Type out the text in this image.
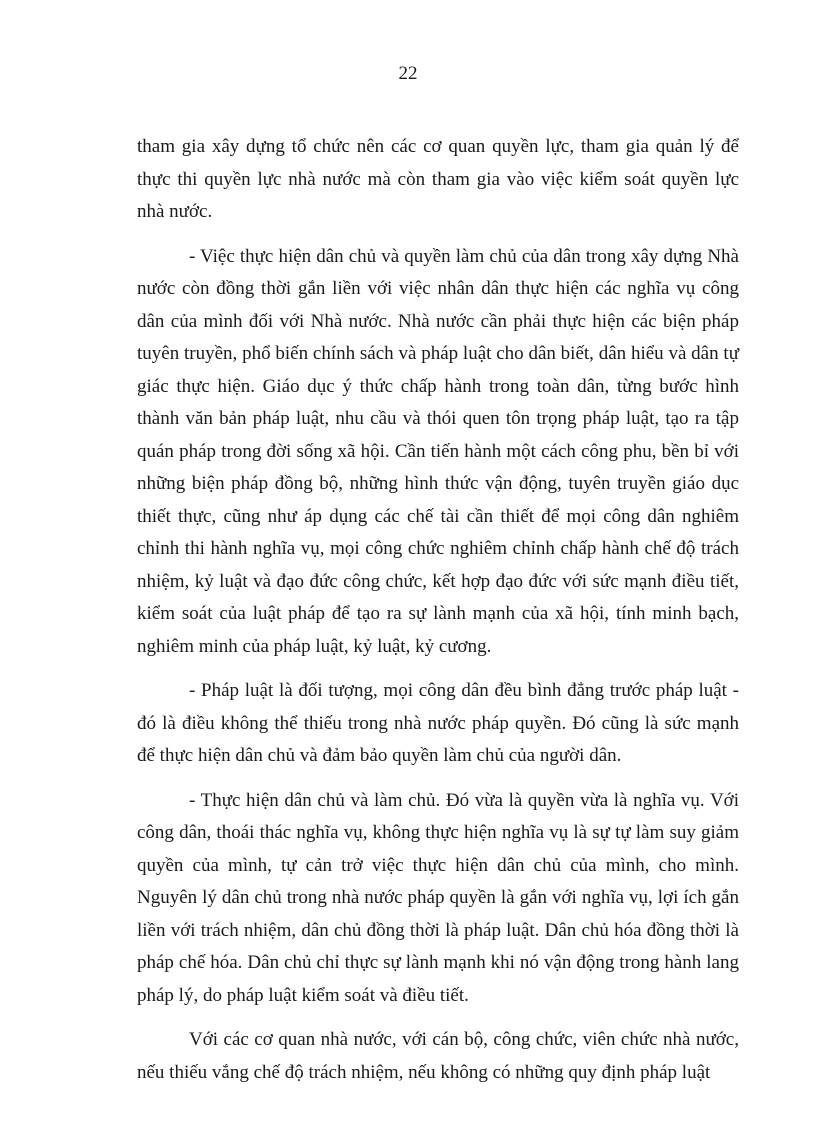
22

tham gia xây dựng tổ chức nên các cơ quan quyền lực, tham gia quản lý để thực thi quyền lực nhà nước mà còn tham gia vào việc kiểm soát quyền lực nhà nước.

- Việc thực hiện dân chủ và quyền làm chủ của dân trong xây dựng Nhà nước còn đồng thời gắn liền với việc nhân dân thực hiện các nghĩa vụ công dân của mình đối với Nhà nước. Nhà nước cần phải thực hiện các biện pháp tuyên truyền, phổ biến chính sách và pháp luật cho dân biết, dân hiểu và dân tự giác thực hiện. Giáo dục ý thức chấp hành trong toàn dân, từng bước hình thành văn bản pháp luật, nhu cầu và thói quen tôn trọng pháp luật, tạo ra tập quán pháp trong đời sống xã hội. Cần tiến hành một cách công phu, bền bỉ với những biện pháp đồng bộ, những hình thức vận động, tuyên truyền giáo dục thiết thực, cũng như áp dụng các chế tài cần thiết để mọi công dân nghiêm chỉnh thi hành nghĩa vụ, mọi công chức nghiêm chỉnh chấp hành chế độ trách nhiệm, kỷ luật và đạo đức công chức, kết hợp đạo đức với sức mạnh điều tiết, kiểm soát của luật pháp để tạo ra sự lành mạnh của xã hội, tính minh bạch, nghiêm minh của pháp luật, kỷ luật, kỷ cương.

- Pháp luật là đối tượng, mọi công dân đều bình đẳng trước pháp luật - đó là điều không thể thiếu trong nhà nước pháp quyền. Đó cũng là sức mạnh để thực hiện dân chủ và đảm bảo quyền làm chủ của người dân.

- Thực hiện dân chủ và làm chủ. Đó vừa là quyền vừa là nghĩa vụ. Với công dân, thoái thác nghĩa vụ, không thực hiện nghĩa vụ là sự tự làm suy giảm quyền của mình, tự cản trở việc thực hiện dân chủ của mình, cho mình. Nguyên lý dân chủ trong nhà nước pháp quyền là gắn với nghĩa vụ, lợi ích gắn liền với trách nhiệm, dân chủ đồng thời là pháp luật. Dân chủ hóa đồng thời là pháp chế hóa. Dân chủ chỉ thực sự lành mạnh khi nó vận động trong hành lang pháp lý, do pháp luật kiểm soát và điều tiết.

Với các cơ quan nhà nước, với cán bộ, công chức, viên chức nhà nước, nếu thiếu vắng chế độ trách nhiệm, nếu không có những quy định pháp luật
